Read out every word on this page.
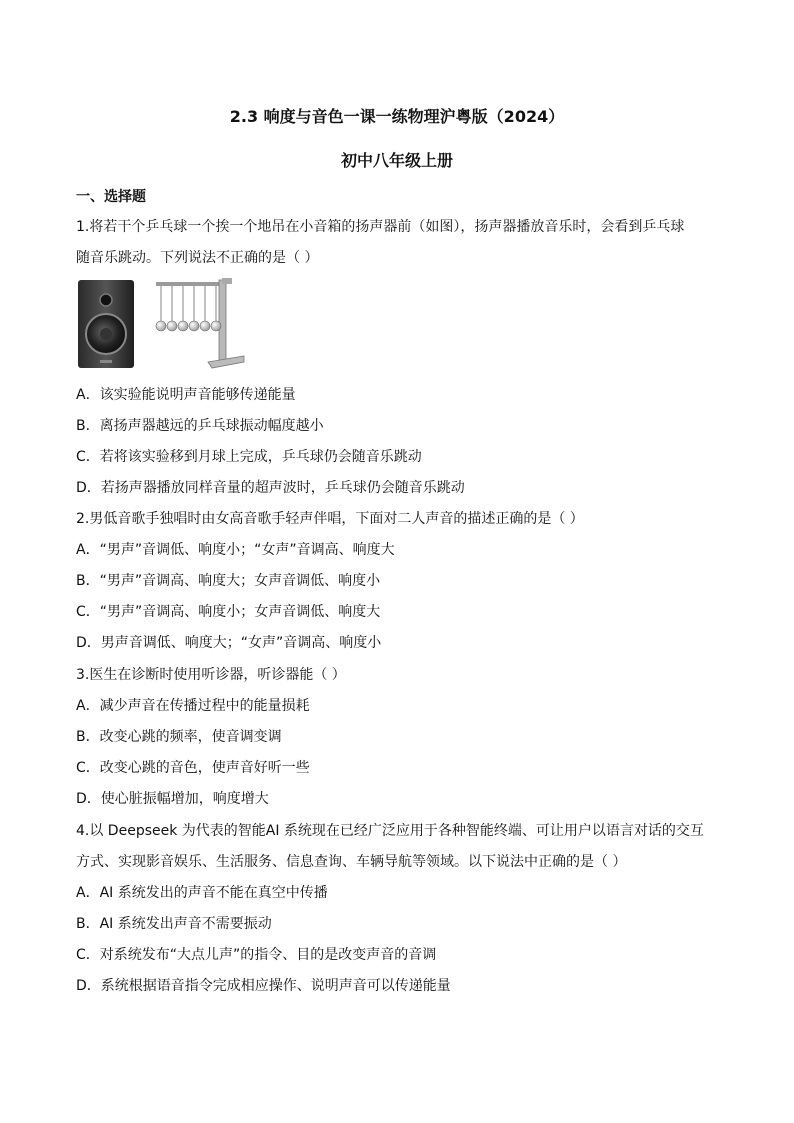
2.3 响度与音色一课一练物理沪粤版（2024）
初中八年级上册
一、选择题

1.将若干个乒乓球一个挨一个地吊在小音箱的扬声器前（如图），扬声器播放音乐时，会看到乒乓球

随音乐跳动。下列说法不正确的是（ ）

A．该实验能说明声音能够传递能量

B．离扬声器越远的乒乓球振动幅度越小

C．若将该实验移到月球上完成，乒乓球仍会随音乐跳动

D．若扬声器播放同样音量的超声波时，乒乓球仍会随音乐跳动

2.男低音歌手独唱时由女高音歌手轻声伴唱，下面对二人声音的描述正确的是（ ）

A．“男声”音调低、响度小；“女声”音调高、响度大

B．“男声”音调高、响度大；女声音调低、响度小

C．“男声”音调高、响度小；女声音调低、响度大

D．男声音调低、响度大；“女声”音调高、响度小

3.医生在诊断时使用听诊器，听诊器能（ ）

A．减少声音在传播过程中的能量损耗

B．改变心跳的频率，使音调变调

C．改变心跳的音色，使声音好听一些

D．使心脏振幅增加，响度增大

4.以 Deepseek 为代表的智能AI 系统现在已经广泛应用于各种智能终端、可让用户以语言对话的交互

方式、实现影音娱乐、生活服务、信息查询、车辆导航等领域。以下说法中正确的是（ ）

A．AI 系统发出的声音不能在真空中传播

B．AI 系统发出声音不需要振动

C．对系统发布“大点儿声”的指令、目的是改变声音的音调

D．系统根据语音指令完成相应操作、说明声音可以传递能量
